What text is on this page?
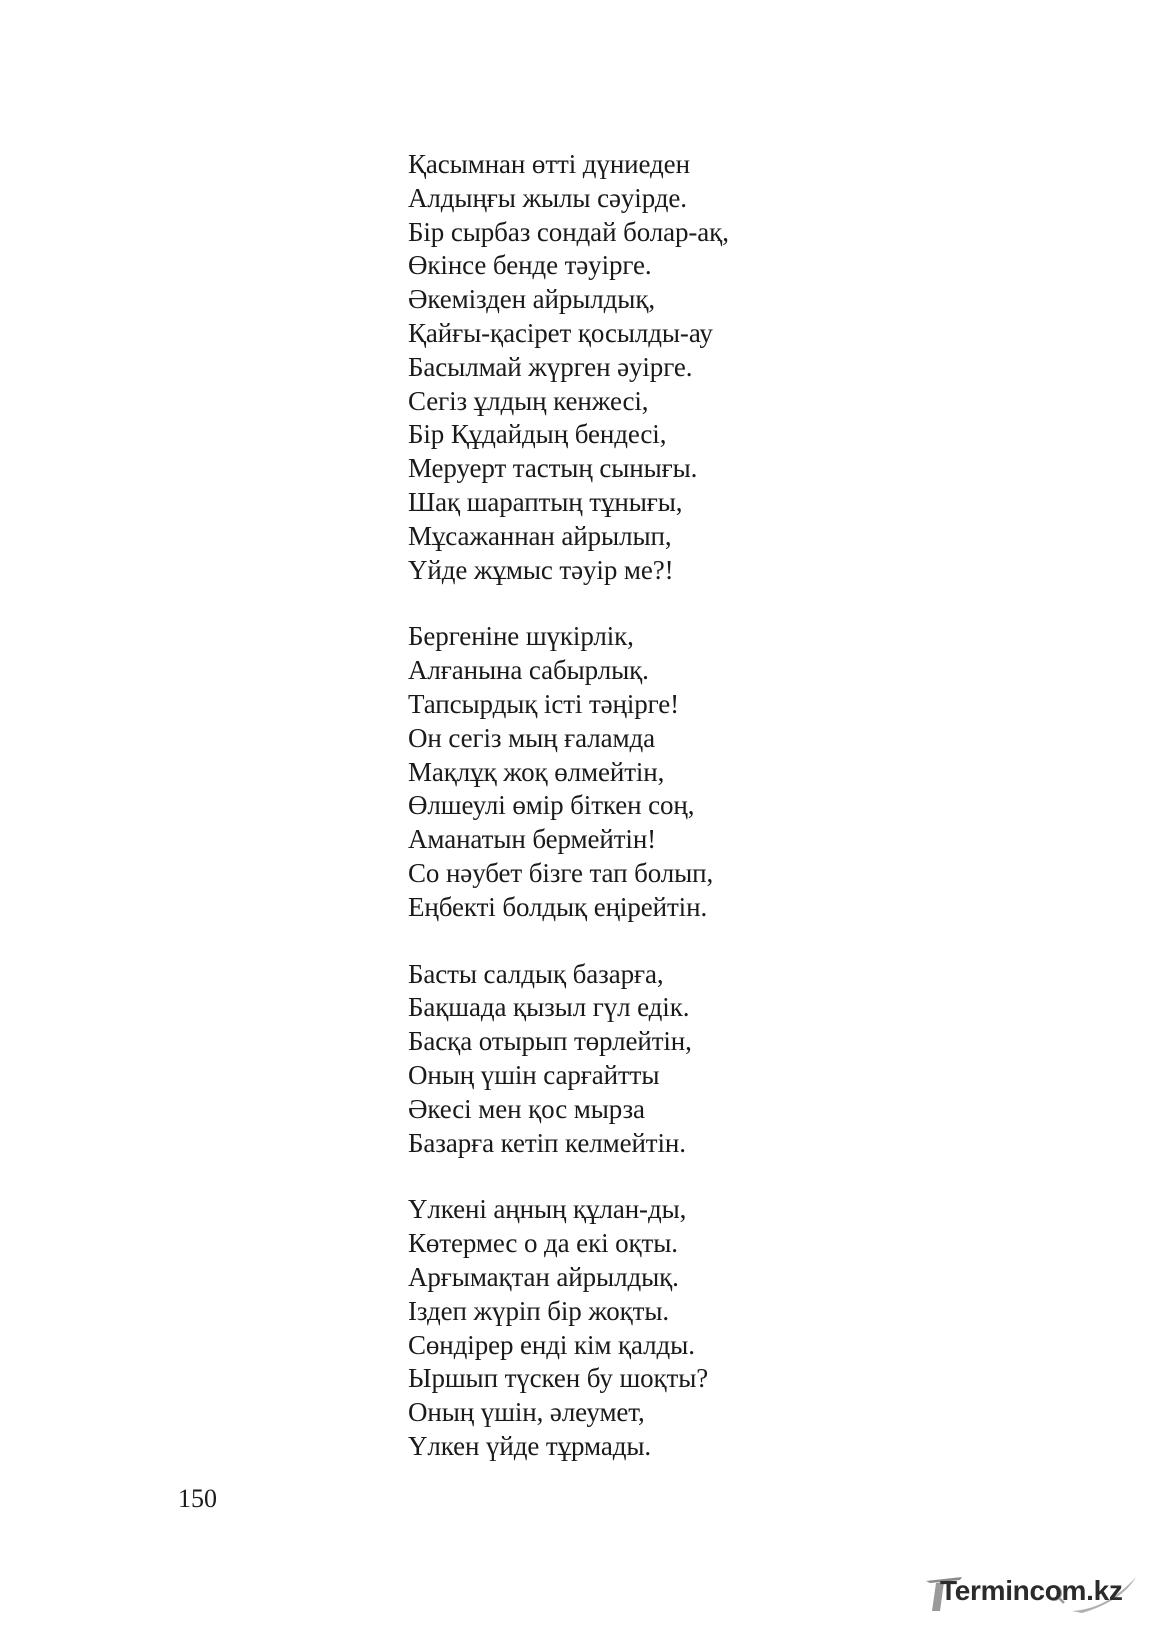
Қасымнан өтті дүниеден
Алдыңғы жылы сәуірде.
Бір сырбаз сондай болар-ақ,
Өкінсе бенде тәуірге.
Әкемізден айрылдық,
Қайғы-қасірет қосылды-ау
Басылмай жүрген әуірге.
Сегіз ұлдың кенжесі,
Бір Құдайдың бендесі,
Меруерт тастың сынығы.
Шақ шараптың тұнығы,
Мұсажаннан айрылып,
Үйде жұмыс тәуір ме?!
Бергеніне шүкірлік,
Алғанына сабырлық.
Тапсырдық істі тәңірге!
Он сегіз мың ғаламда
Мақлұқ жоқ өлмейтін,
Өлшеулі өмір біткен соң,
Аманатын бермейтін!
Со нәубет бізге тап болып,
Еңбекті болдық еңірейтін.
Басты салдық базарға,
Бақшада қызыл гүл едік.
Басқа отырып төрлейтін,
Оның үшін сарғайтты
Әкесі мен қос мырза
Базарға кетіп келмейтін.
Үлкені аңның құлан-ды,
Көтермес о да екі оқты.
Арғымақтан айрылдық.
Іздеп жүріп бір жоқты.
Сөндірер енді кім қалды.
Ыршып түскен бу шоқты?
Оның үшін, әлеумет,
Үлкен үйде тұрмады.
150
Termincom.kz
